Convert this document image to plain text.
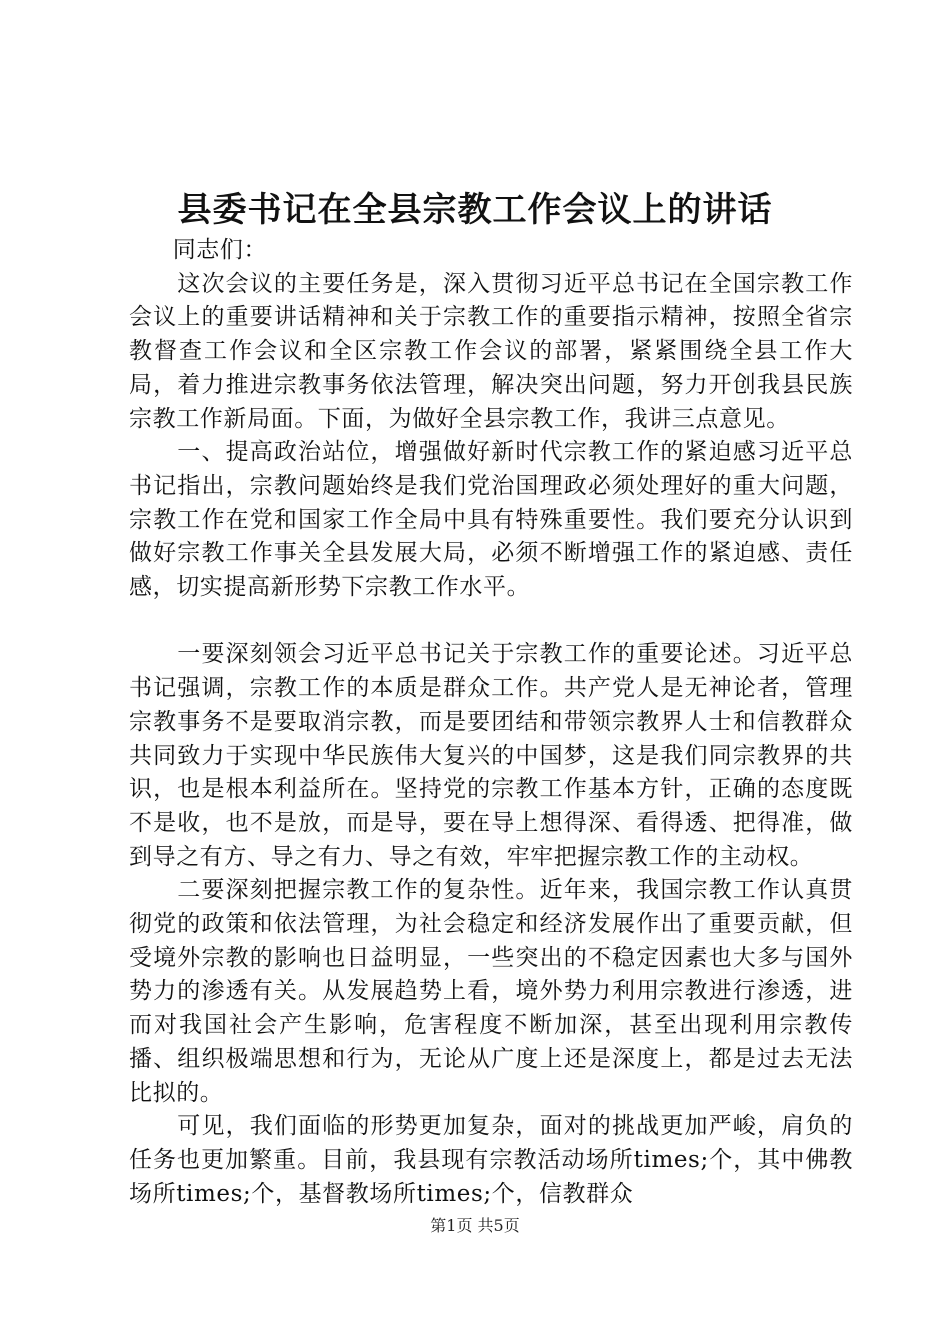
县委书记在全县宗教工作会议上的讲话

同志们：

这次会议的主要任务是，深入贯彻习近平总书记在全国宗教工作会议上的重要讲话精神和关于宗教工作的重要指示精神，按照全省宗教督查工作会议和全区宗教工作会议的部署，紧紧围绕全县工作大局，着力推进宗教事务依法管理，解决突出问题，努力开创我县民族宗教工作新局面。下面，为做好全县宗教工作，我讲三点意见。

一、提高政治站位，增强做好新时代宗教工作的紧迫感习近平总书记指出，宗教问题始终是我们党治国理政必须处理好的重大问题，宗教工作在党和国家工作全局中具有特殊重要性。我们要充分认识到做好宗教工作事关全县发展大局，必须不断增强工作的紧迫感、责任感，切实提高新形势下宗教工作水平。

一要深刻领会习近平总书记关于宗教工作的重要论述。习近平总书记强调，宗教工作的本质是群众工作。共产党人是无神论者，管理宗教事务不是要取消宗教，而是要团结和带领宗教界人士和信教群众共同致力于实现中华民族伟大复兴的中国梦，这是我们同宗教界的共识，也是根本利益所在。坚持党的宗教工作基本方针，正确的态度既不是收，也不是放，而是导，要在导上想得深、看得透、把得准，做到导之有方、导之有力、导之有效，牢牢把握宗教工作的主动权。

二要深刻把握宗教工作的复杂性。近年来，我国宗教工作认真贯彻党的政策和依法管理，为社会稳定和经济发展作出了重要贡献，但受境外宗教的影响也日益明显，一些突出的不稳定因素也大多与国外势力的渗透有关。从发展趋势上看，境外势力利用宗教进行渗透，进而对我国社会产生影响，危害程度不断加深，甚至出现利用宗教传播、组织极端思想和行为，无论从广度上还是深度上，都是过去无法比拟的。

可见，我们面临的形势更加复杂，面对的挑战更加严峻，肩负的任务也更加繁重。目前，我县现有宗教活动场所times;个，其中佛教场所times;个，基督教场所times;个，信教群众

第1页 共5页
